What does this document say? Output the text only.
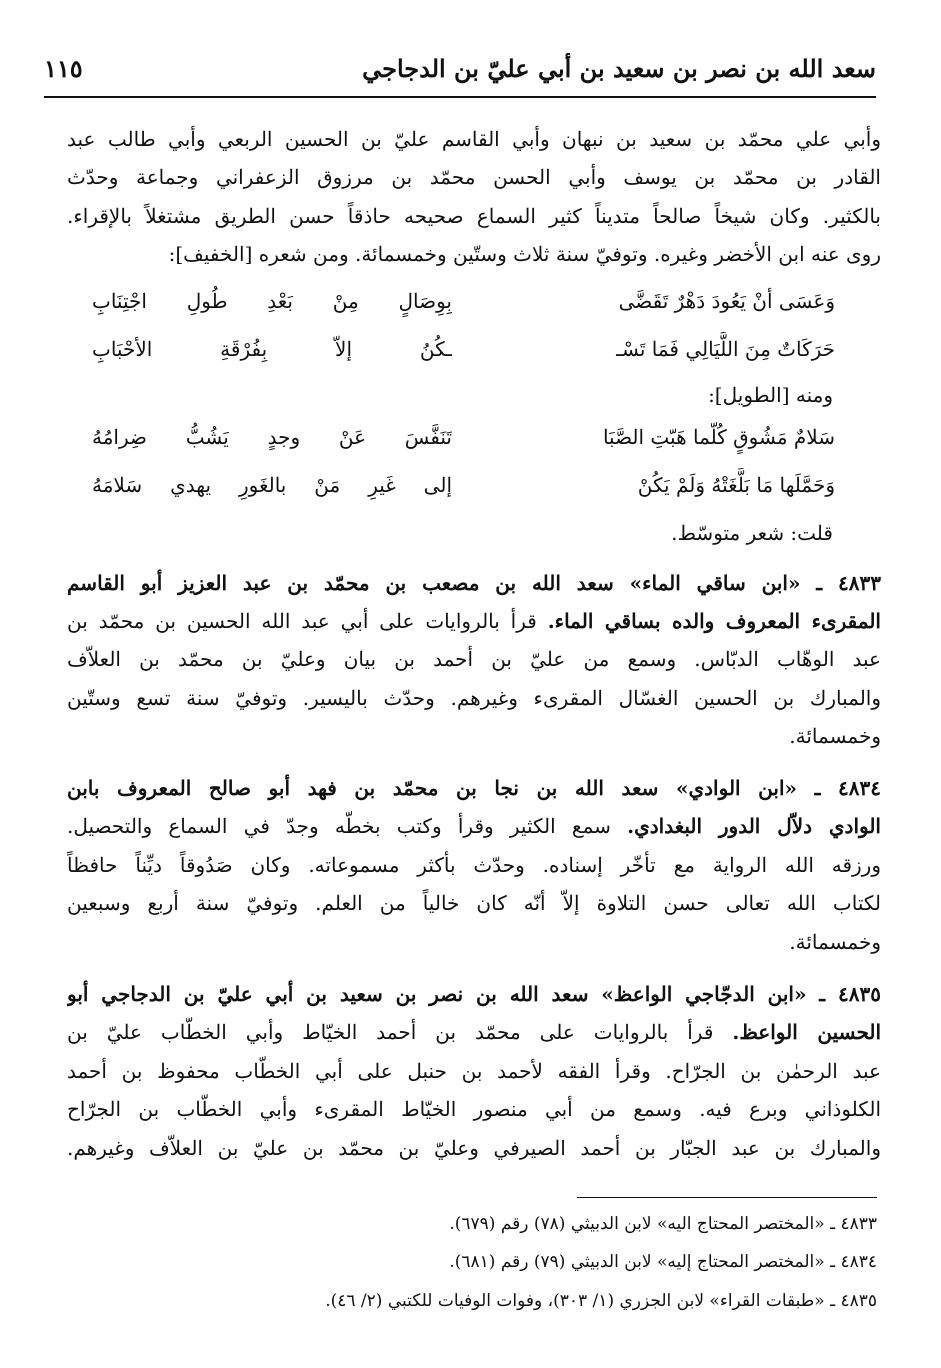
سعد الله بن نصر بن سعيد بن أبي عليّ بن الدجاجي
١١٥
وأبي علي محمّد بن سعيد بن نبهان وأبي القاسم عليّ بن الحسين الربعي وأبي طالب عبد
القادر بن محمّد بن يوسف وأبي الحسن محمّد بن مرزوق الزعفراني وجماعة وحدّث
بالكثير. وكان شيخاً صالحاً متديناً كثير السماع صحيحه حاذقاً حسن الطريق مشتغلاً بالإقراء.
روى عنه ابن الأخضر وغيره. وتوفيّ سنة ثلاث وستّين وخمسمائة. ومن شعره [الخفيف]:
وَعَسَى أنْ يَعُودَ دَهْرٌ تَقَضَّى
بِوِصَالٍ مِنْ بَعْدِ طُولِ اجْتِنَابِ
حَرَكَاتٌ مِنَ اللَّيَالِي فَمَا تَسْـ
ـكُنُ إلاّ بِفُرْقَةِ الأحْبَابِ
ومنه [الطويل]:
سَلامٌ مَشُوقٍ كُلّما هَبّتِ الصَّبَا
تَنَفَّسَ عَنْ وجدٍ يَشُبُّ ضِرامُهُ
وَحَمَّلَها مَا بَلَّغَتْهُ وَلَمْ يَكُنْ
إلى غَيرِ مَنْ بالغَورِ يهدي سَلامَهُ
قلت: شعر متوسّط.
٤٨٣٣ ـ «ابن ساقي الماء» سعد الله بن مصعب بن محمّد بن عبد العزيز أبو القاسم
المقرىء المعروف والده بساقي الماء. قرأ بالروايات على أبي عبد الله الحسين بن محمّد بن
عبد الوهّاب الدبّاس. وسمع من عليّ بن أحمد بن بيان وعليّ بن محمّد بن العلاّف
والمبارك بن الحسين الغسّال المقرىء وغيرهم. وحدّث باليسير. وتوفيّ سنة تسع وستّين
وخمسمائة.
٤٨٣٤ ـ «ابن الوادي» سعد الله بن نجا بن محمّد بن فهد أبو صالح المعروف بابن
الوادي دلاّل الدور البغدادي. سمع الكثير وقرأ وكتب بخطّه وجدّ في السماع والتحصيل.
ورزقه الله الرواية مع تأخّر إسناده. وحدّث بأكثر مسموعاته. وكان صَدُوقاً ديِّناً حافظاً
لكتاب الله تعالى حسن التلاوة إلاّ أنّه كان خالياً من العلم. وتوفيّ سنة أربع وسبعين
وخمسمائة.
٤٨٣٥ ـ «ابن الدجّاجي الواعظ» سعد الله بن نصر بن سعيد بن أبي عليّ بن الدجاجي أبو
الحسين الواعظ. قرأ بالروايات على محمّد بن أحمد الخيّاط وأبي الخطّاب عليّ بن
عبد الرحمٰن بن الجرّاح. وقرأ الفقه لأحمد بن حنبل على أبي الخطّاب محفوظ بن أحمد
الكلوذاني وبرع فيه. وسمع من أبي منصور الخيّاط المقرىء وأبي الخطّاب بن الجرّاح
والمبارك بن عبد الجبّار بن أحمد الصيرفي وعليّ بن محمّد بن عليّ بن العلاّف وغيرهم.
٤٨٣٣ ـ «المختصر المحتاج اليه» لابن الدبيثي (٧٨) رقم (٦٧٩).
٤٨٣٤ ـ «المختصر المحتاج إليه» لابن الدبيثي (٧٩) رقم (٦٨١).
٤٨٣٥ ـ «طبقات القراء» لابن الجزري (١/ ٣٠٣)، وفوات الوفيات للكتبي (٢/ ٤٦).
